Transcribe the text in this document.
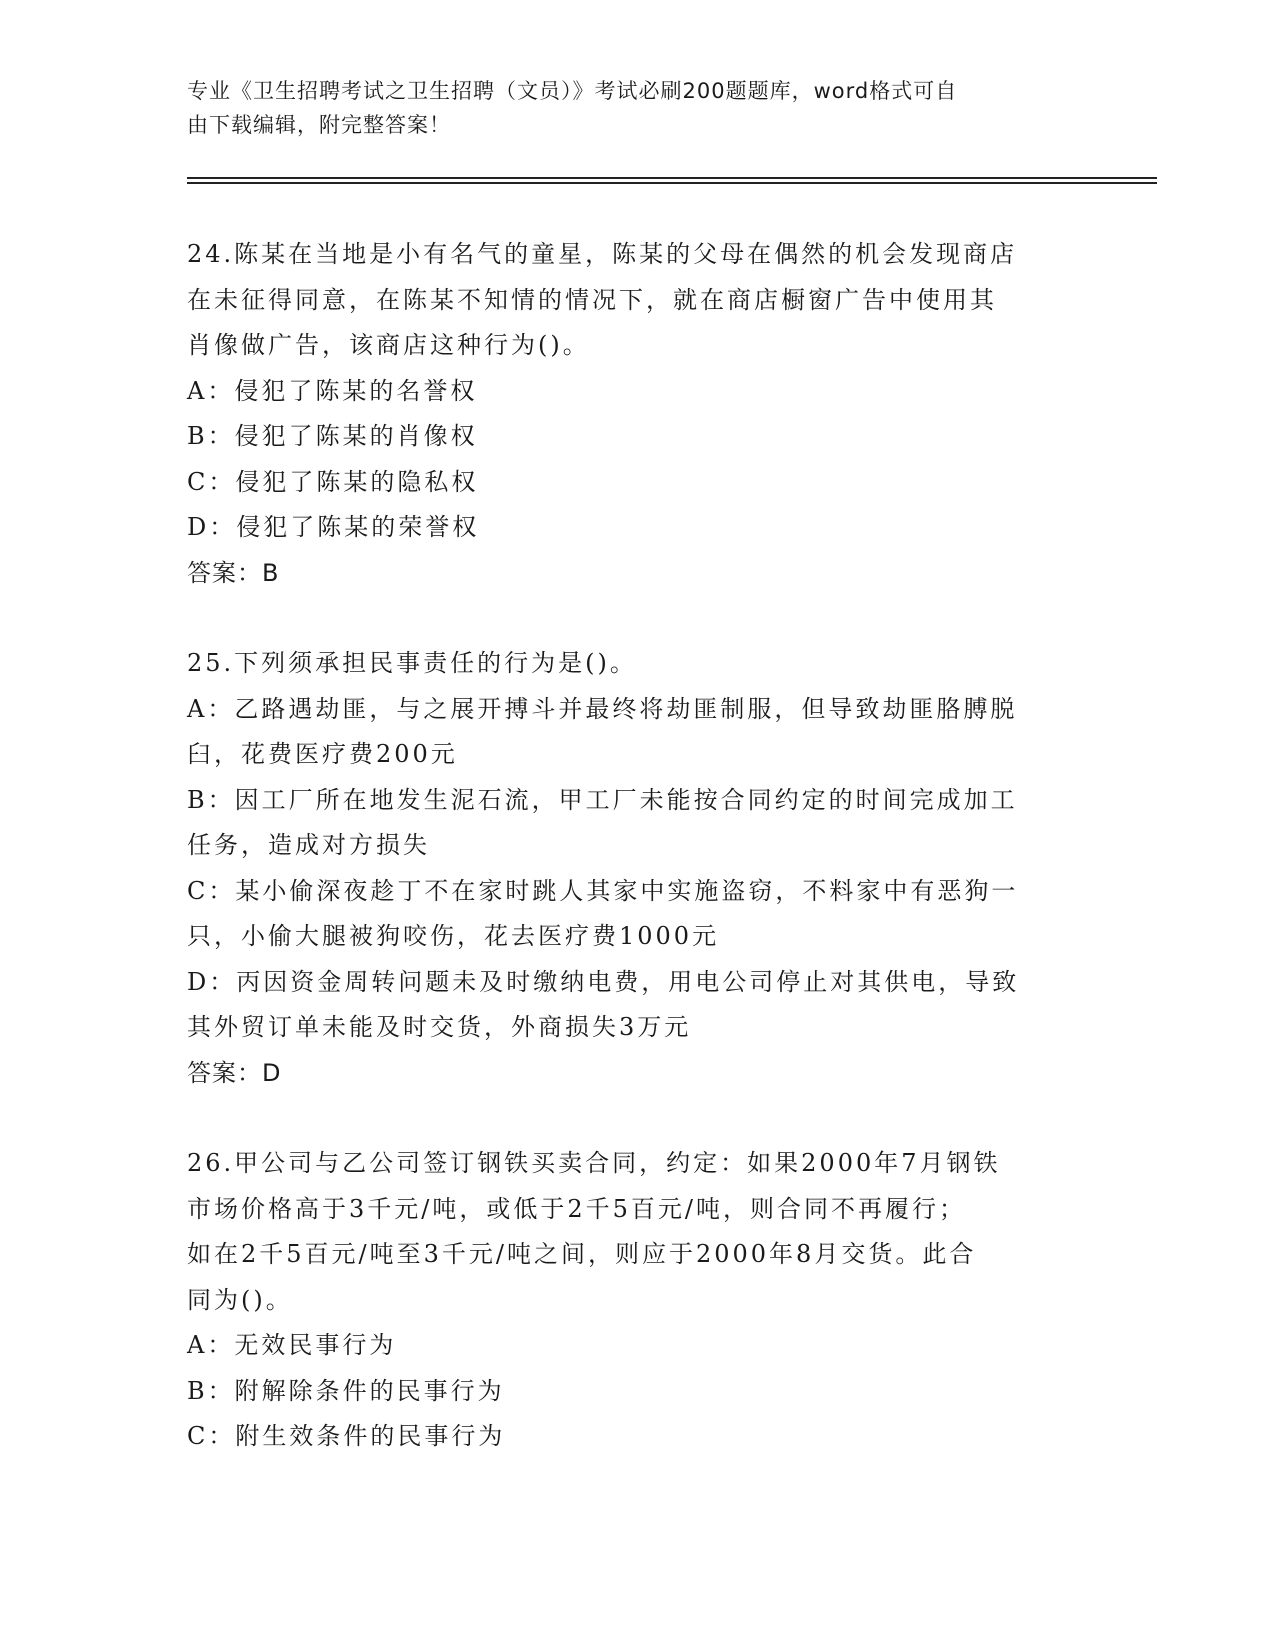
专业《卫生招聘考试之卫生招聘（文员）》考试必刷200题题库，word格式可自
由下载编辑，附完整答案！

24.陈某在当地是小有名气的童星，陈某的父母在偶然的机会发现商店

在未征得同意，在陈某不知情的情况下，就在商店橱窗广告中使用其

肖像做广告，该商店这种行为()。

A：侵犯了陈某的名誉权

B：侵犯了陈某的肖像权

C：侵犯了陈某的隐私权

D：侵犯了陈某的荣誉权

答案：B

25.下列须承担民事责任的行为是()。

A：乙路遇劫匪，与之展开搏斗并最终将劫匪制服，但导致劫匪胳膊脱

臼，花费医疗费200元

B：因工厂所在地发生泥石流，甲工厂未能按合同约定的时间完成加工

任务，造成对方损失

C：某小偷深夜趁丁不在家时跳人其家中实施盗窃，不料家中有恶狗一

只，小偷大腿被狗咬伤，花去医疗费1000元

D：丙因资金周转问题未及时缴纳电费，用电公司停止对其供电，导致

其外贸订单未能及时交货，外商损失3万元

答案：D

26.甲公司与乙公司签订钢铁买卖合同，约定：如果2000年7月钢铁

市场价格高于3千元/吨，或低于2千5百元/吨，则合同不再履行；

如在2千5百元/吨至3千元/吨之间，则应于2000年8月交货。此合

同为()。

A：无效民事行为

B：附解除条件的民事行为

C：附生效条件的民事行为
